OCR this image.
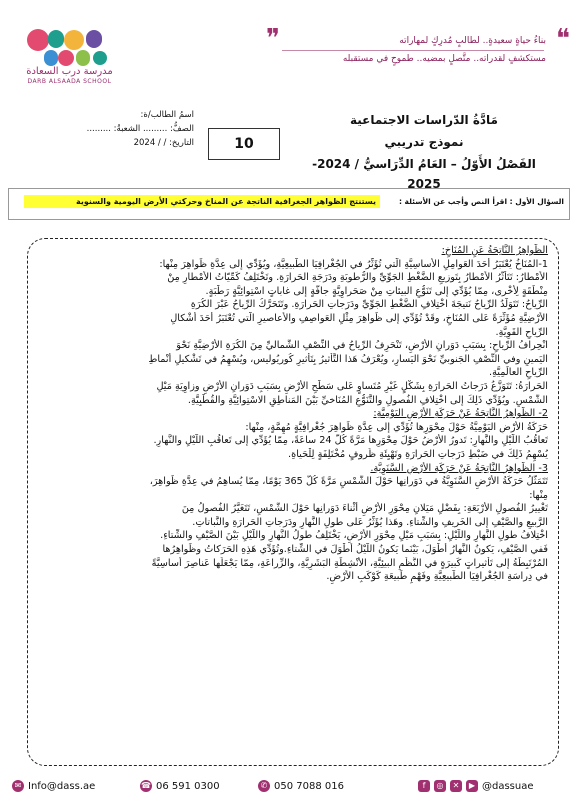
مدرسة درب السعادة
DARB ALSAADA SCHOOL
❝
❞	بناءُ حياةٍ سعيدةٍ.. لطالبٍ مُدرِكٍ لمهاراته
مستكشفٍ لقدراته.. متَّصلٍ بمضيه.. طموحٍ في مستقبله
اسمُ الطالب/ة:
الصفُّ: ......... الشعبةُ: .........
التاريخ: / / 2024	10
مَادَّةُ الدّراسات الاجتماعية
نموذج تدريبي
الفَصْلُ الأَوّلُ – العَامُ الدِّرَاسيُّ / 2024-2025
السؤال الأول : اقرأ النص وأجب عن الأسئلة :
يستنتج الظواهر الجغرافية الناتجة عن المناخ وحركتي الأرض اليومية والسنوية

الظَّواهِرُ النَّاتِجَةُ عَنِ المُنَاخِ:

1-المُنَاخُ يُعْتَبَرُ أَحَدَ العَوامِلِ الأساسِيَّةِ الَّتي تُؤَثِّرُ في الجُغْرافِيَا الطَّبيعِيَّةِ، ويُؤَدِّي إلى عِدَّةِ ظَواهِرَ مِنْها:

الأَمْطارُ: تَتَأَثَّرُ الأَمْطارُ بِتَوزيعِ الضَّغْطِ الجَوِّيِّ والرُّطوبَةِ ودَرَجَةِ الحَرارَةِ. وتَخْتَلِفُ كَمِّيّاتُ الأَمْطارِ مِنْ

مِنْطَقَةٍ لِأُخْرى، مِمّا يُؤَدِّي إلى تَنَوُّعِ البيئاتِ مِنْ صَحَراوِيَّةٍ جافَّةٍ إلى غاباتٍ اسْتِوائِيَّةٍ رَطْبَةٍ.

الرِّياحُ: تَتَوَلَّدُ الرِّياحُ نَتيجَةَ اخْتِلافِ الضَّغْطِ الجَوِّيِّ ودَرَجاتِ الحَرارَةِ. وتَتَحَرَّكُ الرِّياحُ عَبْرَ الكُرَةِ

الأَرْضِيَّةِ مُؤَثِّرَةً عَلى المُنَاخِ، وقَدْ تُؤَدِّي إلى ظَواهِرَ مِثْلِ العَواصِفِ والأَعاصيرِ الَّتي تُعْتَبَرُ أَحَدَ أَشْكالِ

الرِّياحِ القَوِيَّةِ.

انْحِرافُ الرِّياحِ: بِسَبَبِ دَوَرانِ الأَرْضِ، تَنْحَرِفُ الرِّياحُ في النِّصْفِ الشَّماليِّ مِنَ الكُرَةِ الأَرْضِيَّةِ نَحْوَ

اليَمينِ وفي النِّصْفِ الجَنوبيِّ نَحْوَ اليَسارِ، ويُعْرَفُ هَذا التَّأثيرُ بِتَأثيرِ كُوريُوليس، ويُسْهِمُ في تَشْكيلِ أَنْماطِ

الرِّياحِ العالَمِيَّةِ.

الحَرارَةُ: تَتَوَزَّعُ دَرَجاتُ الحَرارَةِ بِشَكْلٍ غَيْرِ مُتَساوٍ عَلى سَطْحِ الأَرْضِ بِسَبَبِ دَوَرانِ الأَرْضِ وزاوِيَةِ مَيْلِ

الشَّمْسِ. ويُؤَدِّي ذَلِكَ إلى اخْتِلافِ الفُصولِ والتَّنَوُّعِ المُنَاخيِّ بَيْنَ المَناطِقِ الاسْتِوائِيَّةِ والقُطْبِيَّةِ.

2- الظَّواهِرُ النَّاتِجَةُ عَنْ حَرَكَةِ الأَرْضِ اليَوْمِيَّةِ:

حَرَكَةُ الأَرْضِ اليَوْمِيَّةُ حَوْلَ مِحْوَرِها تُؤَدِّي إلى عِدَّةِ ظَواهِرَ جُغْرافِيَّةٍ مُهِمَّةٍ، مِنْها:

تَعاقُبُ اللَّيْلِ والنَّهارِ: تَدورُ الأَرْضُ حَوْلَ مِحْوَرِها مَرَّةً كُلَّ 24 ساعَةً، مِمّا يُؤَدِّي إلى تَعاقُبِ اللَّيْلِ والنَّهارِ.

يُسْهِمُ ذَلِكَ في ضَبْطِ دَرَجاتِ الحَرارَةِ وتَهْيِئَةِ ظُروفٍ مُخْتَلِفَةٍ لِلْحَياةِ.

3- الظَّواهِرُ النَّاتِجَةُ عَنْ حَرَكَةِ الأَرْضِ السَّنَوِيَّةِ.

تَتَمَثَّلُ حَرَكَةُ الأَرْضِ السَّنَوِيَّةُ في دَوَرانِها حَوْلَ الشَّمْسِ مَرَّةً كُلَّ 365 يَوْمًا، مِمّا يُساهِمُ في عِدَّةِ ظَواهِرَ،

مِنْها:

تَغْييرُ الفُصولِ الأَرْبَعَةِ: بِفَضْلِ مَيَلانِ مِحْوَرِ الأَرْضِ أَثْناءَ دَوَرانِها حَوْلَ الشَّمْسِ، تَتَغَيَّرُ الفُصولُ مِنَ

الرَّبيعِ والصَّيْفِ إلى الخَريفِ والشِّتاءِ. وهَذا يُؤَثِّرُ عَلى طولِ النَّهارِ ودَرَجاتِ الحَرارَةِ والنَّباتاتِ.

اخْتِلافُ طولِ النَّهارِ واللَّيْلِ: بِسَبَبِ مَيْلِ مِحْوَرِ الأَرْضِ، يَخْتَلِفُ طولُ النَّهارِ واللَّيْلِ بَيْنَ الصَّيْفِ والشِّتاءِ.

فَفي الصَّيْفِ، يَكونُ النَّهارُ أَطْوَلَ، بَيْنَما يَكونُ اللَّيْلُ أَطْوَلَ في الشِّتاءِ.وتُؤَدِّي هَذِهِ الحَرَكاتُ وظَواهِرُها

المُرْتَبِطَةُ إلى تَأْثيراتٍ كَبيرَةٍ في النُّظُمِ البيئِيَّةِ، الأَنْشِطَةِ البَشَرِيَّةِ، والزِّراعَةِ، مِمّا يَجْعَلُها عَناصِرَ أَساسِيَّةً

في دِراسَةِ الجُغْرافِيَا الطَّبيعِيَّةِ وفَهْمِ طَبيعَةِ كَوْكَبِ الأَرْضِ.

✉ Info@dass.ae	☎ 06 591 0300	✆ 050 7088 016	f	◎	✕	▶ @dassuae
